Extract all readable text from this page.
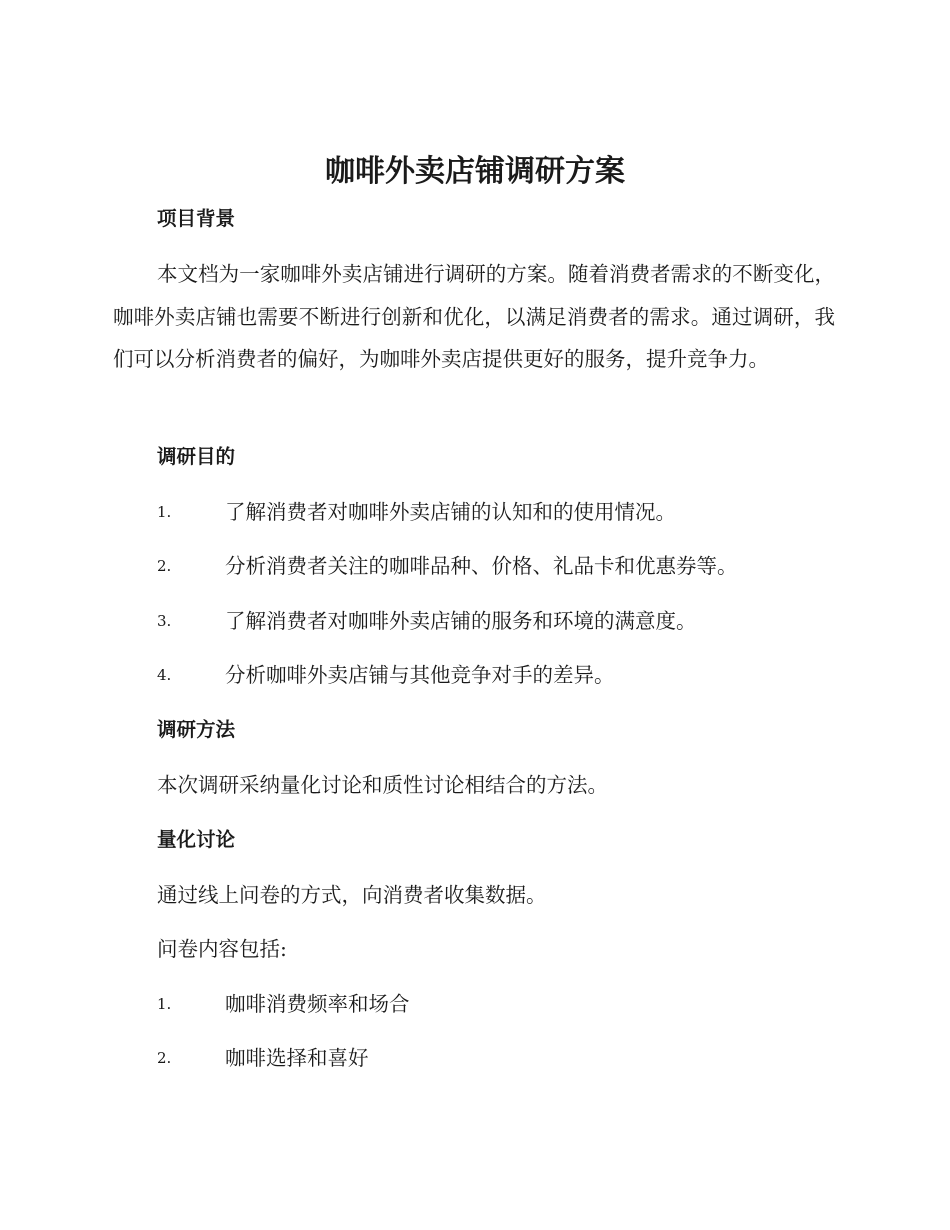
咖啡外卖店铺调研方案
项目背景

本文档为一家咖啡外卖店铺进行调研的方案。随着消费者需求的不断变化，咖啡外卖店铺也需要不断进行创新和优化，以满足消费者的需求。通过调研，我们可以分析消费者的偏好，为咖啡外卖店提供更好的服务，提升竞争力。

调研目的
1.	了解消费者对咖啡外卖店铺的认知和的使用情况。
2.	分析消费者关注的咖啡品种、价格、礼品卡和优惠券等。
3.	了解消费者对咖啡外卖店铺的服务和环境的满意度。
4.	分析咖啡外卖店铺与其他竞争对手的差异。
调研方法

本次调研采纳量化讨论和质性讨论相结合的方法。

量化讨论

通过线上问卷的方式，向消费者收集数据。

问卷内容包括:

1.	咖啡消费频率和场合
2.	咖啡选择和喜好
